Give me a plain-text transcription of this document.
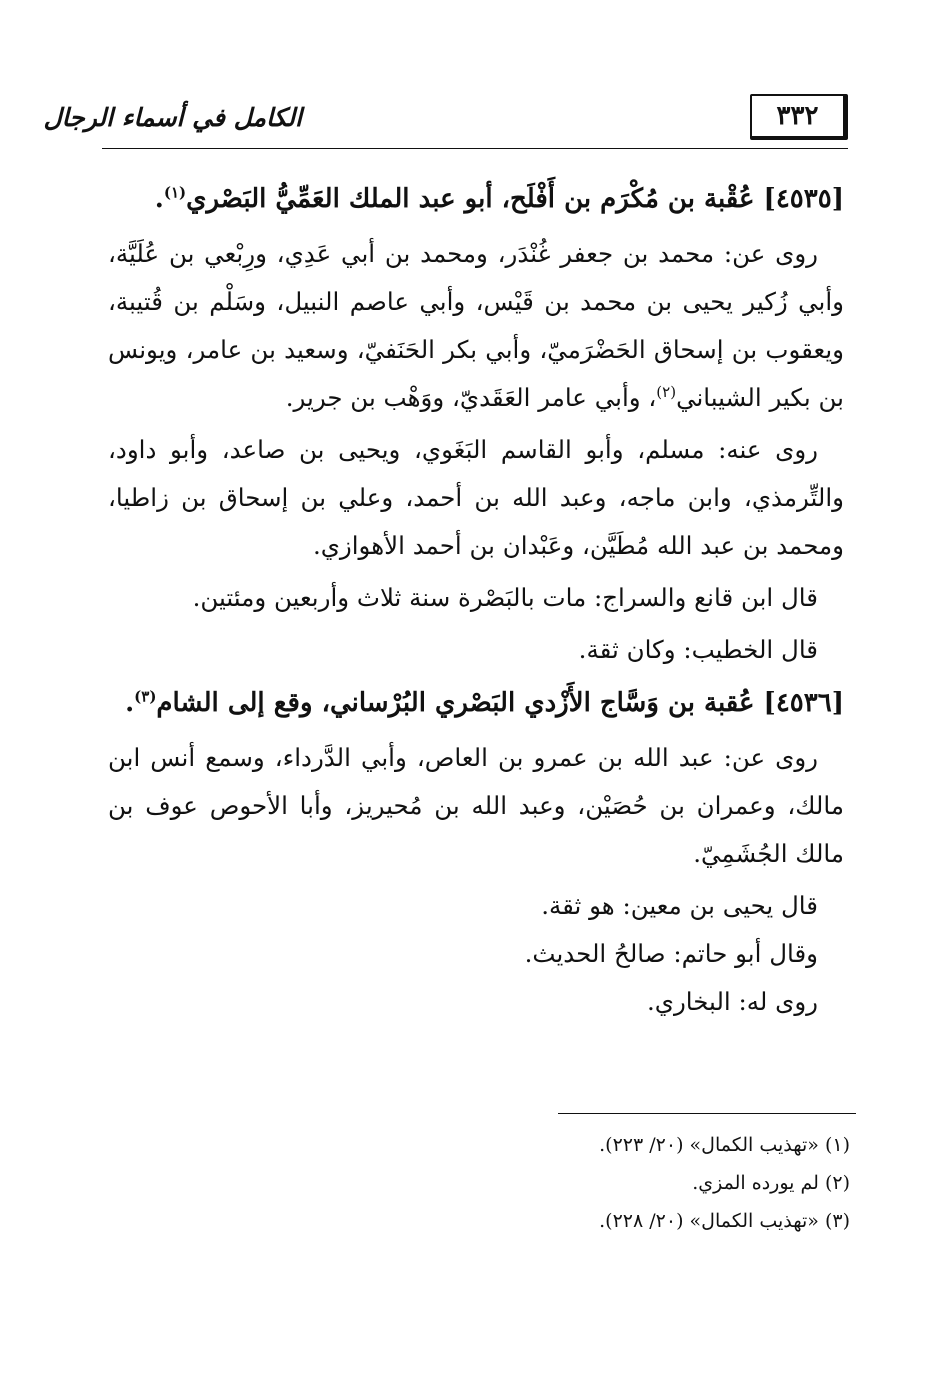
الكامل في أسماء الرجال	٣٣٢

[٤٥٣٥] عُقْبة بن مُكْرَم بن أَفْلَح، أبو عبد الملك العَمِّيُّ البَصْري$^{(١)}$.

روى عن: محمد بن جعفر غُنْدَر، ومحمد بن أبي عَدِي، ورِبْعي بن عُلَيَّة، وأبي زُكير يحيى بن محمد بن قَيْس، وأبي عاصم النبيل، وسَلْم بن قُتيبة، ويعقوب بن إسحاق الحَضْرَميّ، وأبي بكر الحَنَفيّ، وسعيد بن عامر، ويونس بن بكير الشيباني$^{(٢)}$، وأبي عامر العَقَديّ، ووَهْب بن جرير.

روى عنه: مسلم، وأبو القاسم البَغَوي، ويحيى بن صاعد، وأبو داود، والتِّرمذي، وابن ماجه، وعبد الله بن أحمد، وعلي بن إسحاق بن زاطيا، ومحمد بن عبد الله مُطَيَّن، وعَبْدان بن أحمد الأهوازي.

قال ابن قانع والسراج: مات بالبَصْرة سنة ثلاث وأربعين ومئتين.

قال الخطيب: وكان ثقة.

[٤٥٣٦] عُقبة بن وَسَّاج الأَزْدي البَصْري البُرْساني، وقع إلى الشام$^{(٣)}$.

روى عن: عبد الله بن عمرو بن العاص، وأبي الدَّرداء، وسمع أنس ابن مالك، وعمران بن حُصَيْن، وعبد الله بن مُحيريز، وأبا الأحوص عوف بن مالك الجُشَمِيّ.

قال يحيى بن معين: هو ثقة.
وقال أبو حاتم: صالحُ الحديث.
روى له: البخاري.

(١) «تهذيب الكمال» (٢٠/ ٢٢٣).
(٢) لم يورده المزي.
(٣) «تهذيب الكمال» (٢٠/ ٢٢٨).
